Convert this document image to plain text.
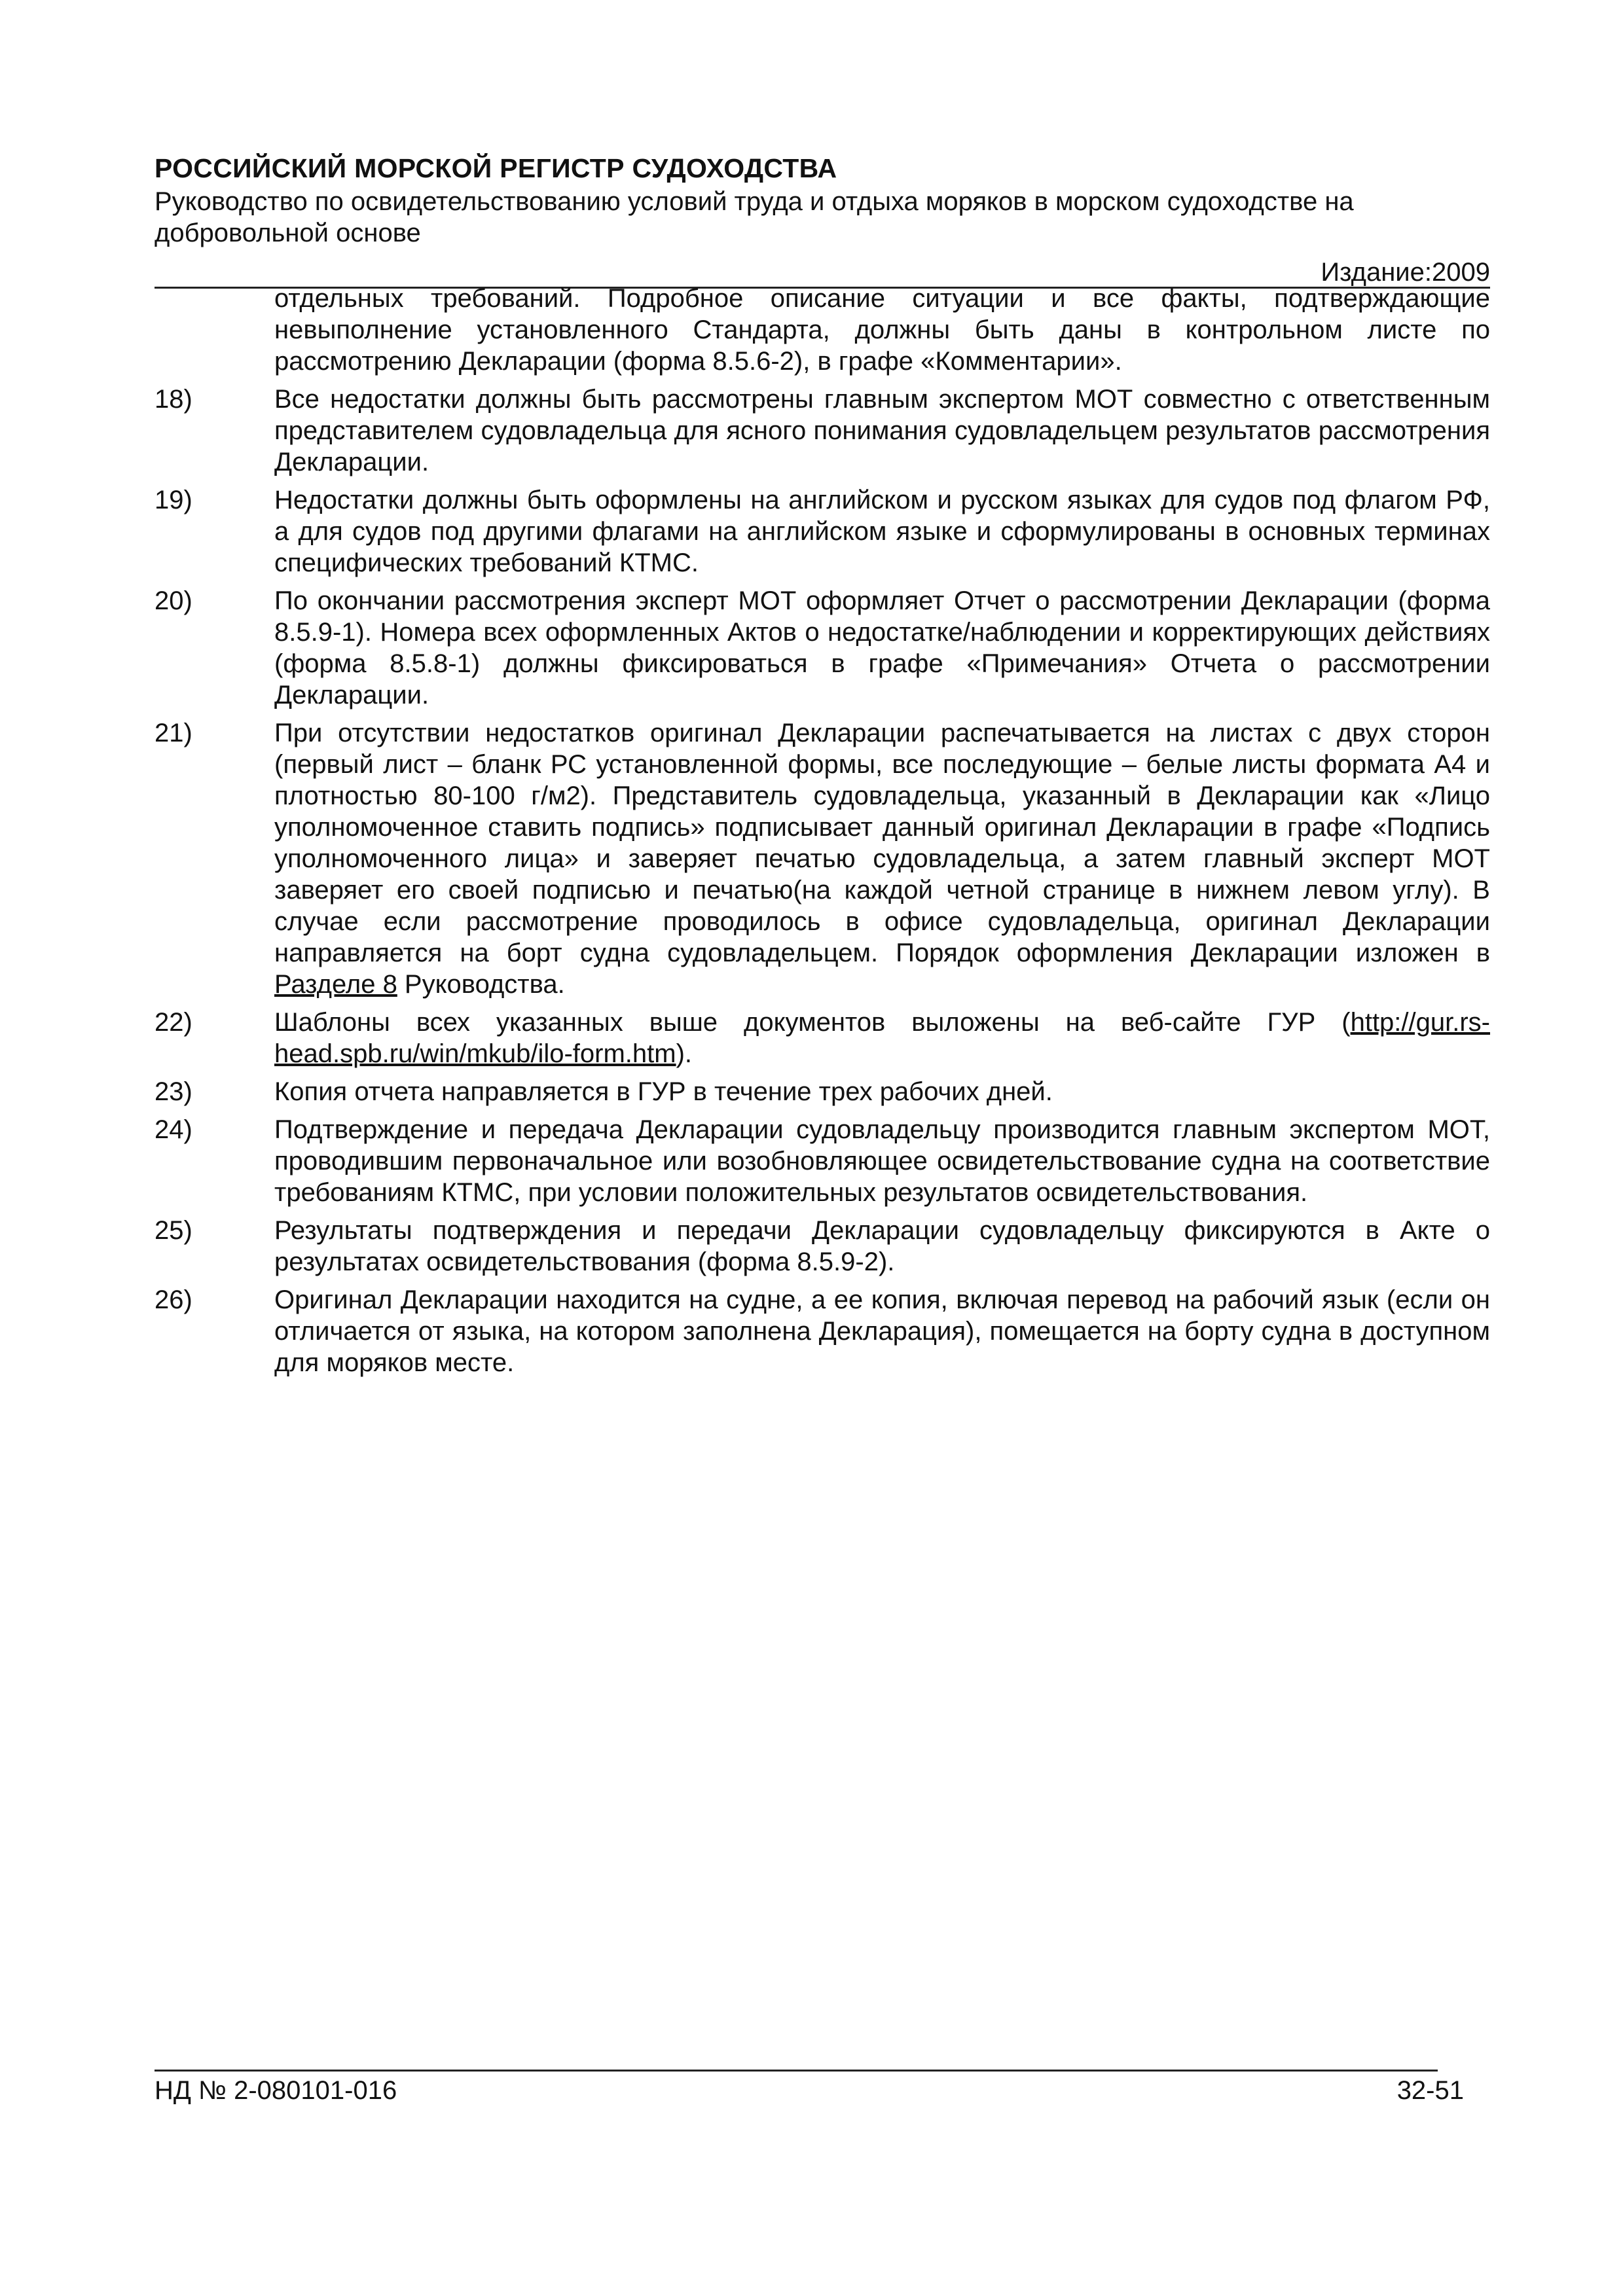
РОССИЙСКИЙ МОРСКОЙ РЕГИСТР СУДОХОДСТВА
Руководство по освидетельствованию условий труда и отдыха моряков в морском судоходстве на добровольной основе
Издание:2009

отдельных требований. Подробное описание ситуации и все факты, подтверждающие невыполнение установленного Стандарта, должны быть даны в контрольном листе по рассмотрению Декларации (форма 8.5.6-2), в графе «Комментарии».

18)	Все недостатки должны быть рассмотрены главным экспертом МОТ совместно с ответственным представителем судовладельца для ясного понимания судовладельцем результатов рассмотрения Декларации.
19)	Недостатки должны быть оформлены на английском и русском языках для судов под флагом РФ, а для судов под другими флагами на английском языке и сформулированы в основных терминах специфических требований КТМС.
20)	По окончании рассмотрения эксперт МОТ оформляет Отчет о рассмотрении Декларации (форма 8.5.9-1). Номера всех оформленных Актов о недостатке/наблюдении и корректирующих действиях (форма 8.5.8-1) должны фиксироваться в графе «Примечания» Отчета о рассмотрении Декларации.
21)	При отсутствии недостатков оригинал Декларации распечатывается на листах с двух сторон (первый лист – бланк РС установленной формы, все последующие – белые листы формата А4 и плотностью 80-100 г/м2). Представитель судовладельца, указанный в Декларации как «Лицо уполномоченное ставить подпись» подписывает данный оригинал Декларации в графе «Подпись уполномоченного лица» и заверяет печатью судовладельца, а затем главный эксперт МОТ заверяет его своей подписью и печатью(на каждой четной странице в нижнем левом углу). В случае если рассмотрение проводилось в офисе судовладельца, оригинал Декларации направляется на борт судна судовладельцем. Порядок оформления Декларации изложен в Разделе 8 Руководства.
22)	Шаблоны всех указанных выше документов выложены на веб-сайте ГУР (http://gur.rs-head.spb.ru/win/mkub/ilo-form.htm).
23)	Копия отчета направляется в ГУР в течение трех рабочих дней.
24)	Подтверждение и передача Декларации судовладельцу производится главным экспертом МОТ, проводившим первоначальное или возобновляющее освидетельствование судна на соответствие требованиям КТМС, при условии положительных результатов освидетельствования.
25)	Результаты подтверждения и передачи Декларации судовладельцу фиксируются в Акте о результатах освидетельствования (форма 8.5.9-2).
26)	Оригинал Декларации находится на судне, а ее копия, включая перевод на рабочий язык (если он отличается от языка, на котором заполнена Декларация), помещается на борту судна в доступном для моряков месте.
НД № 2-080101-016	32-51
